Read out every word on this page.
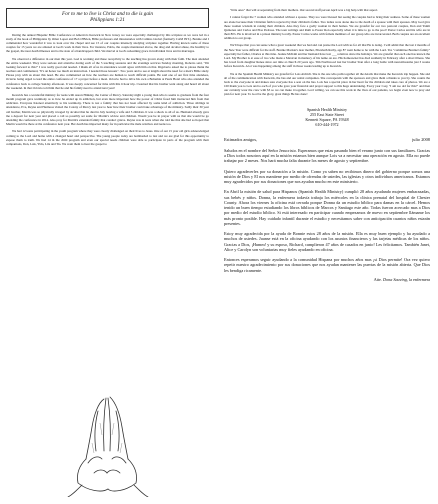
For to me to live is Christ and to die is gain
Philippians 1:21

During the annual Hispanic Bible Conference at America's Keswick in New Jersey we were especially challenged by this scripture as we were led in a study of the book of Philippians by Omar Lopez and Bob O'Brien, Bible professors and missionaries with Camino Global (formerly CAM INT.). Bonnie and I commended how wonderful it was to look over the chapel and see 15 of our couples intensely studying scripture together. Having known some of these couples for 15 years we are amazed at God's work in their lives. For instance, Pablo, the couple mentioned above, the drug and alcohol abuse, the hostility to the gospel, the near death illnesses and to the state of a handicapped child. We marvel at God's redeeming grace in individual lives and in marriages.

We observed a difference in our men this year. God is working and these receptivity to the teaching has grown along with their faith. The men attended the entire weekend. They were serious and attentive during each of the 5 teaching sessions and the evenings services Sunday morning, Roberto said, "I'm looking forward to this!" I was really good and needed. I thank all of us in attendance would agree with him on that. Rigoberto asked me to please thank the teachers and commented, "It's an honor too much an instruction. I needed those lessons". Two years and to see at length about the need for a men's Bible study. Please pray with us about this need. He also commented on how the teachers are human to teach difficult points. He said one of our first time attendees, Octavio being urged to lead the entire conference of 17 a prayer before a meal. Octavio had to drive his own a Bohemia at Pauls Hotel who also attended the conference back to college Sunday afternoon. It was deeply concerned for time with this 6 hour trip. I learned that his brother went along and heard all about the weekend. In that Octavio told him that he and his family need to attend next year!

Keswick has a wonderful ministry for teens with Aaron Hinkley, the Center of Mercy. Saturday night a young man who is seems to graduate from the four month program gave testimony as to how he ended up in addiction, but even more important how the power of Christ freed him instructed him from that addiction. Everyone listened attentively to his testimony. There is not a family that has not been affected by some kind of addiction. Three siblings in attendance, Eva, Reyna and Hermosa visited the Colony of Mercy last year to hear how their brother could take advantage of the ministry. Sadly their 30 year old brother, Martin was so physically ravaged by alcohol that he died in July leaving a wife and 5 children. It was a shock to all of us. Husband already gave me a deposit for next year and placed a call so possibly set aside for Martin's widow and children. Would you be in prayer with us that she would be go attending the conference in 2014. Also pray for Martin's extended family that conduct grieve. Reyna was in tears when she told me that she had so hoped that Martin would be there at the conference next year. Her death has impacted many for in particular the male relatives and teens too.

We had 12 teens participating in the youth program where they were clearly challenged on their lives to Jesus. One of our 15 year old girls acknowledged coming to the Lord and home with a changed heart and perspective. The young people today are bombarded to last and we are glad for this opportunity to expose them to truth. We had 14 in the child program and even our special needs children were able to participate in parts of the program with their companions, Don, Luis, Ylda, Lila and Tia. We want them to hear the gospel to

"little ones" that will at separating from their mothers. Our second staff person April was a big help with that aspect.

I cannot forget the 7 women who attended without a spouse. They too were blessed but seeing the couples had to bring their sadness. Some of these women are alone because their Christian faith is rejected by their children's father. Two ladies were alone due to the death of a spouse with their spouses. May God give these women wisdom in raising their children. Also they face a godly woman in their homes. We are grateful for our two pastoral couples, Don and Yanili Quinones and Carlos and Elsa Pedrosa. The teen writings and Ruth to Pastor Ron especially when it is time to go to the pool! Pastor Carlos and his wife are in their 80's. He is involved in a prison ministry locally. Pastor Carlos works with female members of our group who are incarcerated. Both couples are an excellent addition to our group.

We'll hope that you can sense what a great weekend that we had and can praise the Lord with us for all that He is doing. I will admit that the last 2 months of the New Year were difficult for the staff. Bonnie Mackie's dear mother, Elizabeth Rarby, age 87 went home to be with the Lord. Yes "committee Bonnie's family" especially her father, Charles at this time. Jeanne McKim and her husband have lost ___ relatives since the holidays. We are grateful that each one has known the Lord. My Brother is at ease of two who made a Mexican in memory of his name on are. His homeowner has died suddenly in February after a short illness. She has loved from daughter Renee since our time at church 20 years ago. Tim Northwood lost her brother Stan after a long battle with neuroblastoma just 3 weeks before Keswick. A lot was happening among the staff in those weeks leading up to Keswick.

We at the Spanish Health Ministry are grateful for Lois Aldrich. She is the one who pulls together all the details that make the Keswick trip happen. She and all of the communication with Keswick, the bus and our rental companies. She corresponds with the sponsors and gives them a thanks to you by. She counts the beds to the everyone in and makes sure everyone has a seat on the bus. Lois has a special place in her heart for the children and takes care of photos. We are a 100 thank you to Lois and to each of you who gave your financial and prayer support to this huge undertaking. Every year I say, "I am too old for this!" and then our certainly wear the crew with $3 so we can make it together. Lord willing, we can see this work in the lives of our patients, we begin even now to pray and plan for next year. To God be the glory, great things He has done!

Spanish Health Ministry
255 East State Street
Kennett Square, PA 19348
610-444-1972
Estimados amigos,	julio 2008

Saludos en el nombre del Señor Jesucristo. Esperamos que estas pasando bien el verano junto con sus familiares. Gracias a Dios todos nosotros aquí en la misión estamos bien aunque Lois va a necesitar una operación en agosto. Ella no puede trabajar por 2 meses. Nos hará mucha falta durante los meses de agosto y septiembre.

Quiero agradecerles por su donación a la misión. Como ya saben no recibimos dinero del gobierno porque somos una misión de Dios y El nos mantiene por medio de ofrendas de ustedes, las iglesias y otros individuos americanos. Estamos muy agradecidos por sus donaciones que nos ayudan mucho en este ministerio.

En Abril la misión de salud para Hispanos (Spanish Health Ministry) cumplió 28 años ayudando mujeres embarazadas, sus bebés y niños. Donna, la enfermera todavía trabaja los miércoles en la clínica prenatal del hospital de Chester County. Ahora los viernes la oficina está cerrada porque Donna da un estudio bíblico para damas en la cárcel. Hemos tenido un buen tiempo estudiando los libros bíblicos de Marcos y Santiago este año. Todas fueron acercado mas a Dios por medio del estudio bíblico. Si está interesado en participar cuando empezamos de nuevo en septiembre llámame los más pronto posible. Hay cuidado infantil durante el estudio y necesitamos saber con anticipación cuantos niños estarán presentes.

Estoy muy agradecida por la ayuda de Bonnie estos 28 años de la misión. Ella es muy buen ejemplo y ha ayudado a muchos de ustedes. Juanse está en la oficina ayudando con los asuntos financieros y las tarjetas médicas de los niños. Gracias a Dios, ¡Humm! y su esposo, Richard, cumplieron 47 años de casados en junio! Les felicitamos. También Janet, Alice y Carolyn son voluntarias muy fieles ayudando en oficina.

Entonces esperamos seguir ayudando a la comunidad Hispana por muchos años mas ¡si Dios permite! Ora vez quiero repetir nuestro agradecimiento por sus donaciones que nos ayudan mantener las puertas de la misión abierta. Que Dios les bendiga ricamente.

Atte. Dona Sauving, la enfermera
